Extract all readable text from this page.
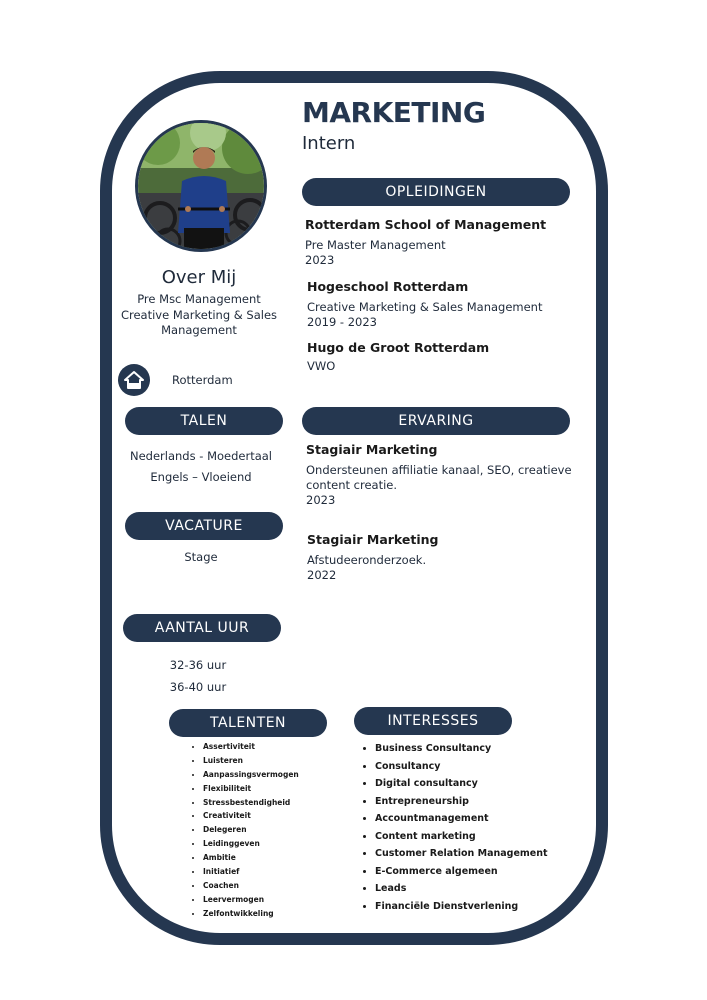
MARKETING
Intern
Over Mij
Pre Msc Management
Creative Marketing & Sales
Management
Rotterdam
TALEN
Nederlands - Moedertaal
Engels – Vloeiend
VACATURE
Stage
AANTAL UUR
32-36 uur
36-40 uur
OPLEIDINGEN
Rotterdam School of Management
Pre Master Management
2023
Hogeschool Rotterdam
Creative Marketing & Sales Management
2019 - 2023
Hugo de Groot Rotterdam
VWO
ERVARING
Stagiair Marketing
Ondersteunen affiliatie kanaal, SEO, creatieve
content creatie.
2023
Stagiair Marketing
Afstudeeronderzoek.
2022
TALENTEN
• Assertiviteit
• Luisteren
• Aanpassingsvermogen
• Flexibiliteit
• Stressbestendigheid
• Creativiteit
• Delegeren
• Leidinggeven
• Ambitie
• Initiatief
• Coachen
• Leervermogen
• Zelfontwikkeling
INTERESSES
• Business Consultancy
• Consultancy
• Digital consultancy
• Entrepreneurship
• Accountmanagement
• Content marketing
• Customer Relation Management
• E-Commerce algemeen
• Leads
• Financiële Dienstverlening
